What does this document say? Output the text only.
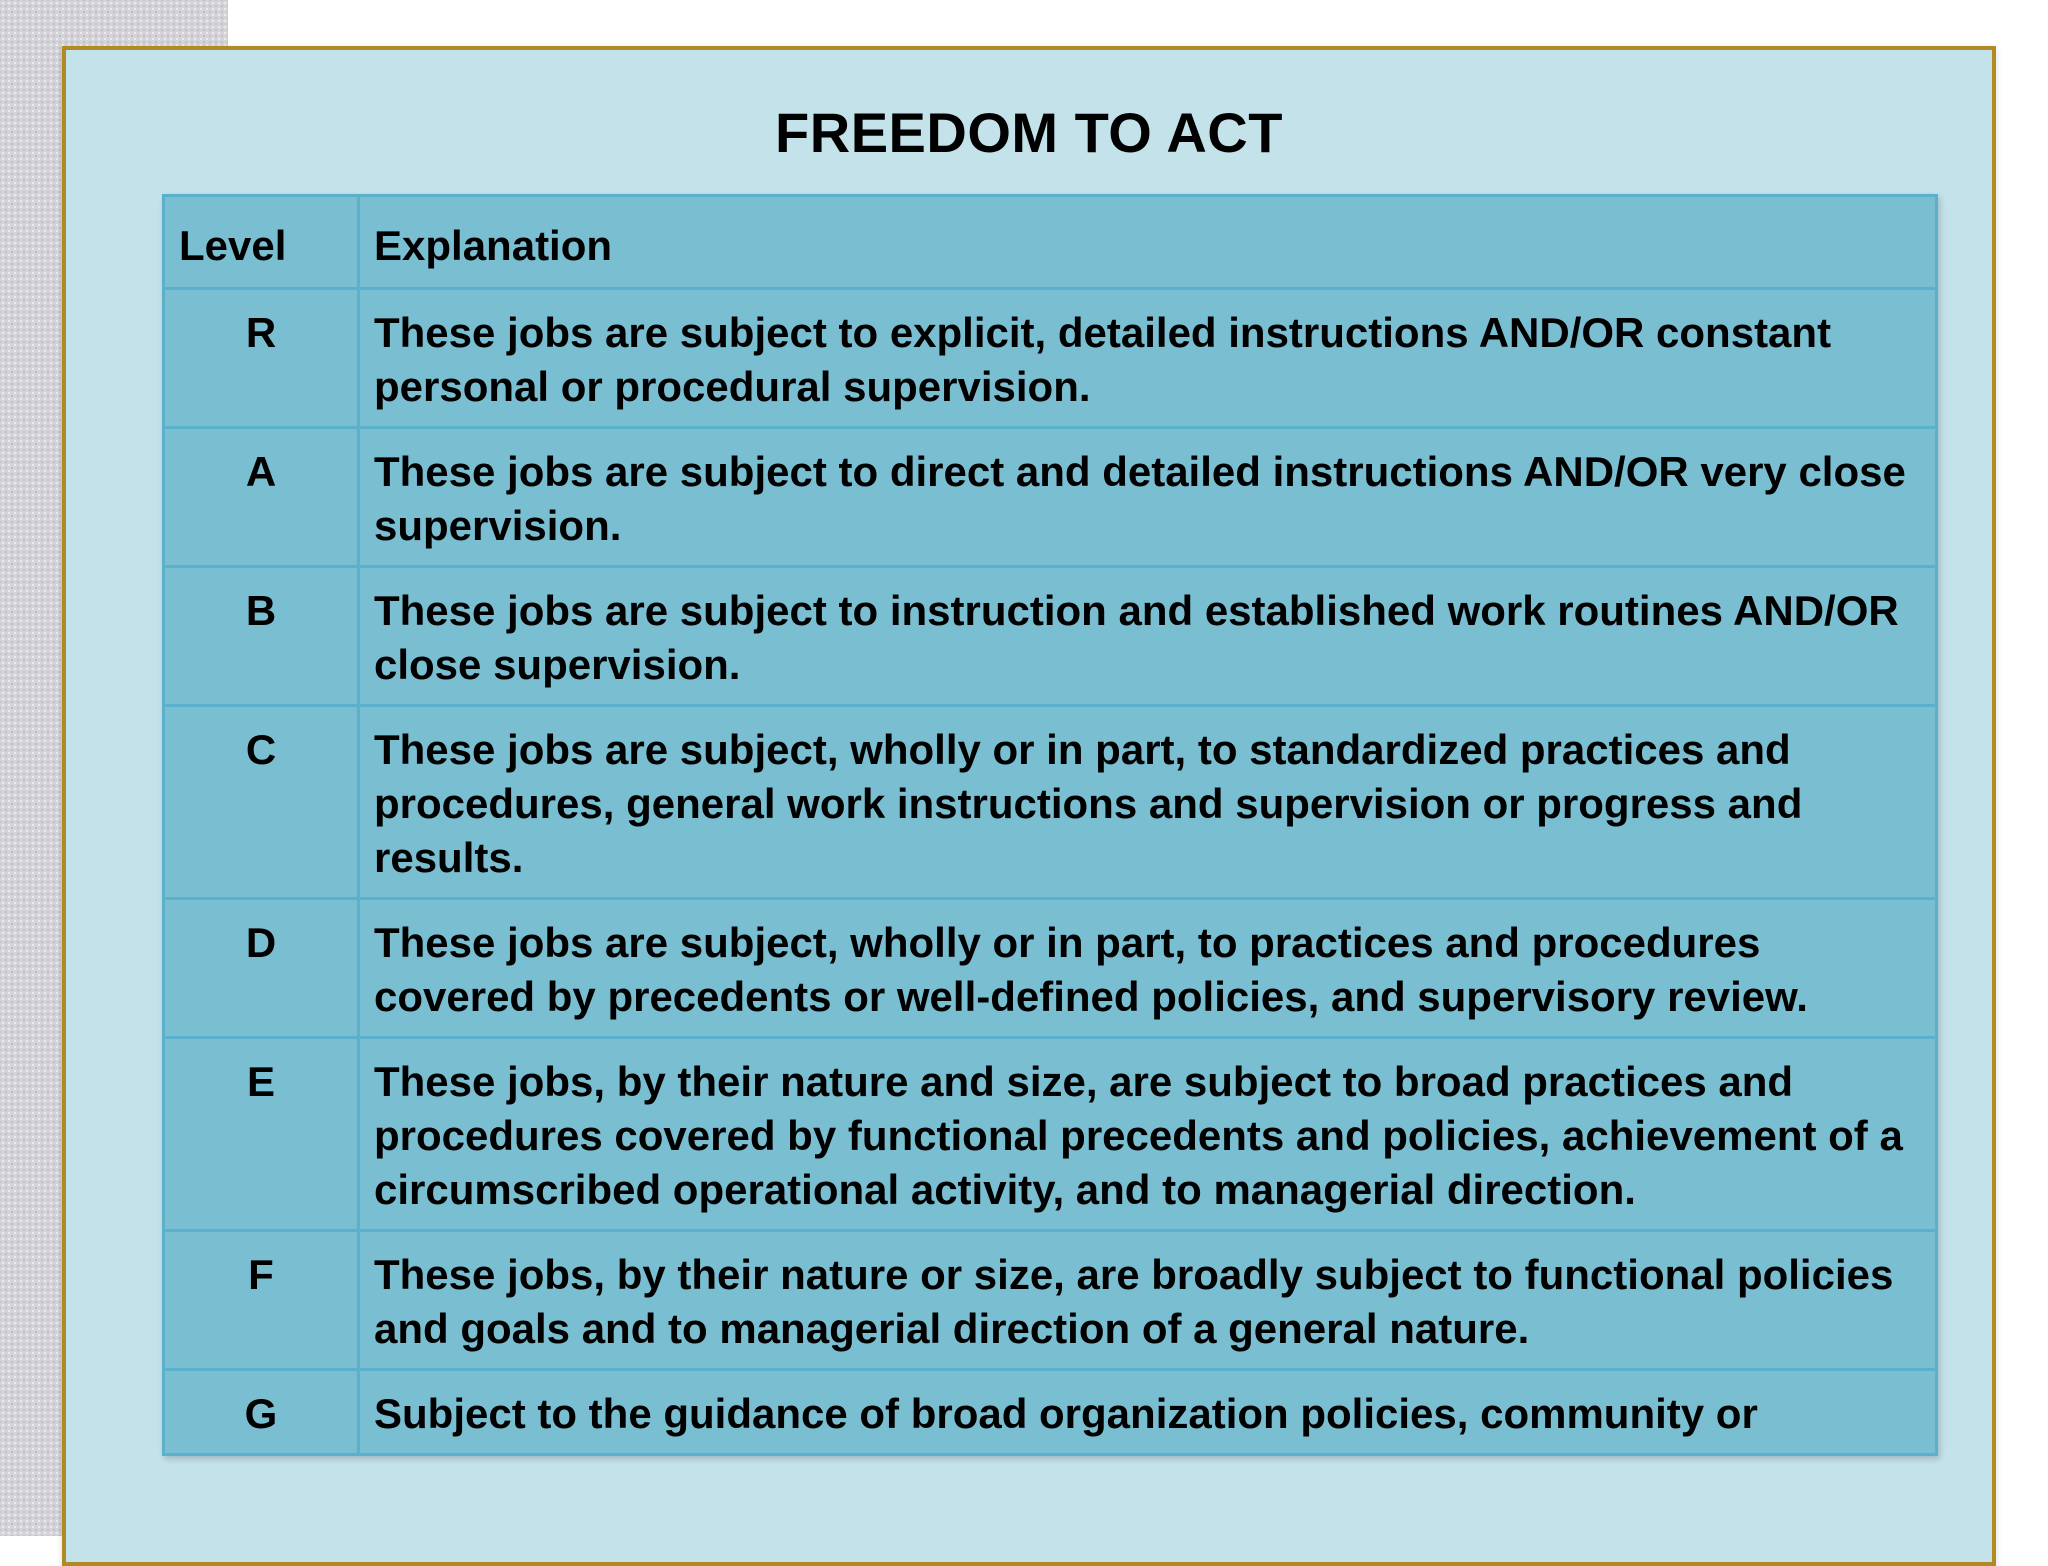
FREEDOM TO ACT
Level	Explanation
R	These jobs are subject to explicit, detailed instructions AND/OR constant personal or procedural supervision.
A	These jobs are subject to direct and detailed instructions AND/OR very close supervision.
B	These jobs are subject to instruction and established work routines AND/OR close supervision.
C	These jobs are subject, wholly or in part, to standardized practices and procedures, general work instructions and supervision or progress and results.
D	These jobs are subject, wholly or in part, to practices and procedures covered by precedents or well-defined policies, and supervisory review.
E	These jobs, by their nature and size, are subject to broad practices and procedures covered by functional precedents and policies, achievement of a circumscribed operational activity, and to managerial direction.
F	These jobs, by their nature or size, are broadly subject to functional policies and goals and to managerial direction of a general nature.
G	Subject to the guidance of broad organization policies, community or
